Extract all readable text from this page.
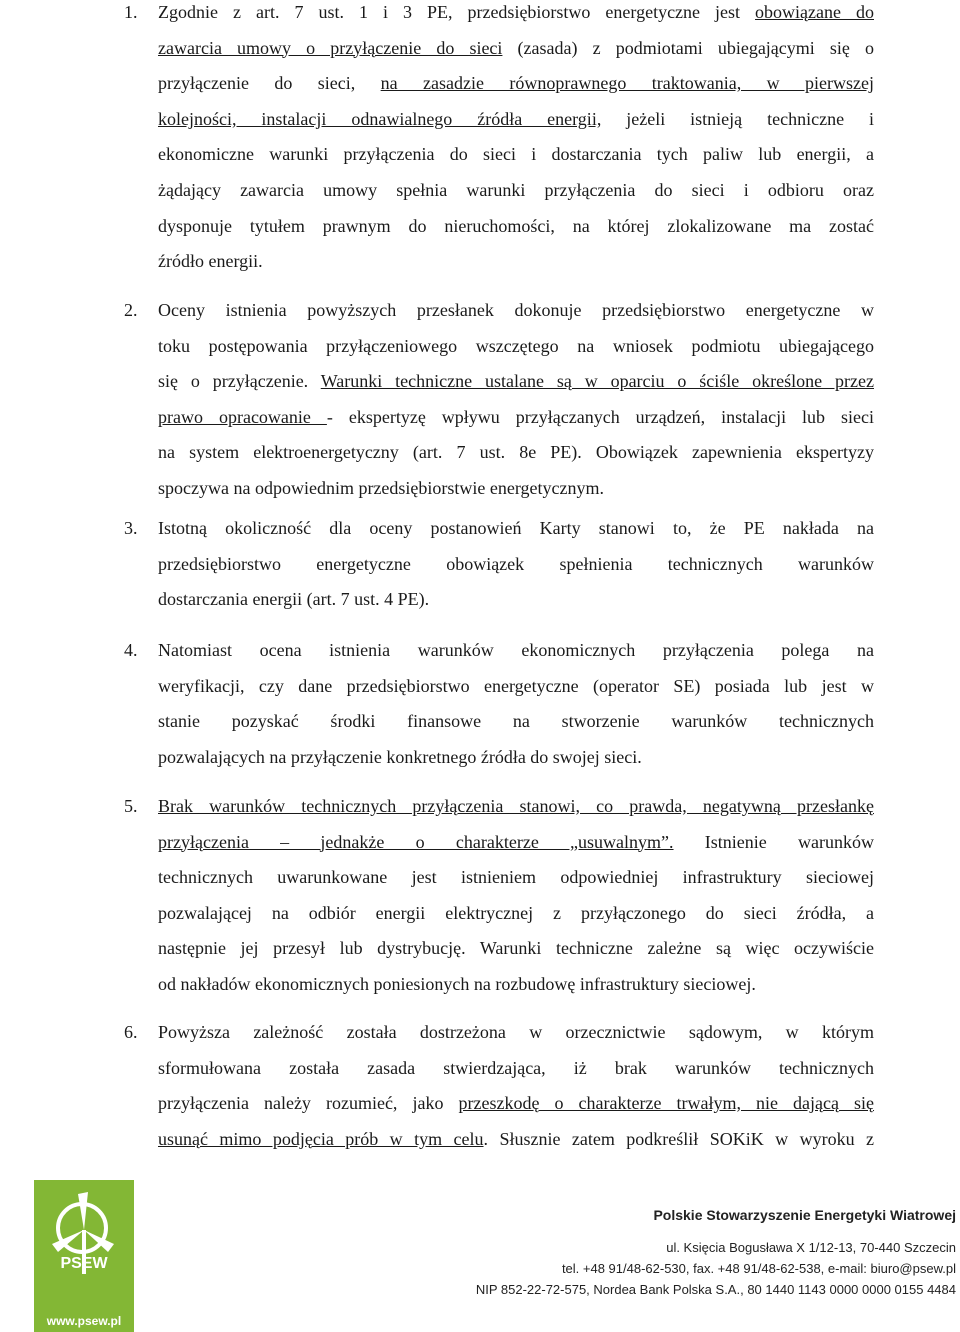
1. Zgodnie z art. 7 ust. 1 i 3 PE, przedsiębiorstwo energetyczne jest obowiązane do
zawarcia umowy o przyłączenie do sieci (zasada) z podmiotami ubiegającymi się o
przyłączenie do sieci, na zasadzie równoprawnego traktowania, w pierwszej
kolejności, instalacji odnawialnego źródła energii, jeżeli istnieją techniczne i
ekonomiczne warunki przyłączenia do sieci i dostarczania tych paliw lub energii, a
żądający zawarcia umowy spełnia warunki przyłączenia do sieci i odbioru oraz
dysponuje tytułem prawnym do nieruchomości, na której zlokalizowane ma zostać
źródło energii.
2. Oceny istnienia powyższych przesłanek dokonuje przedsiębiorstwo energetyczne w
toku postępowania przyłączeniowego wszczętego na wniosek podmiotu ubiegającego
się o przyłączenie. Warunki techniczne ustalane są w oparciu o ściśle określone przez
prawo opracowanie - ekspertyzę wpływu przyłączanych urządzeń, instalacji lub sieci
na system elektroenergetyczny (art. 7 ust. 8e PE). Obowiązek zapewnienia ekspertyzy
spoczywa na odpowiednim przedsiębiorstwie energetycznym.
3. Istotną okoliczność dla oceny postanowień Karty stanowi to, że PE nakłada na
przedsiębiorstwo energetyczne obowiązek spełnienia technicznych warunków
dostarczania energii (art. 7 ust. 4 PE).
4. Natomiast ocena istnienia warunków ekonomicznych przyłączenia polega na
weryfikacji, czy dane przedsiębiorstwo energetyczne (operator SE) posiada lub jest w
stanie pozyskać środki finansowe na stworzenie warunków technicznych
pozwalających na przyłączenie konkretnego źródła do swojej sieci.
5. Brak warunków technicznych przyłączenia stanowi, co prawda, negatywną przesłankę
przyłączenia – jednakże o charakterze „usuwalnym”. Istnienie warunków
technicznych uwarunkowane jest istnieniem odpowiedniej infrastruktury sieciowej
pozwalającej na odbiór energii elektrycznej z przyłączonego do sieci źródła, a
następnie jej przesył lub dystrybucję. Warunki techniczne zależne są więc oczywiście
od nakładów ekonomicznych poniesionych na rozbudowę infrastruktury sieciowej.
6. Powyższa zależność została dostrzeżona w orzecznictwie sądowym, w którym
sformułowana została zasada stwierdzająca, iż brak warunków technicznych
przyłączenia należy rozumieć, jako przeszkodę o charakterze trwałym, nie dającą się
usunąć mimo podjęcia prób w tym celu. Słusznie zatem podkreślił SOKiK w wyroku z
PSEW
www.psew.pl
Polskie Stowarzyszenie Energetyki Wiatrowej
ul. Księcia Bogusława X 1/12-13, 70-440 Szczecin
tel. +48 91/48-62-530, fax. +48 91/48-62-538, e-mail: biuro@psew.pl
NIP 852-22-72-575, Nordea Bank Polska S.A., 80 1440 1143 0000 0000 0155 4484
